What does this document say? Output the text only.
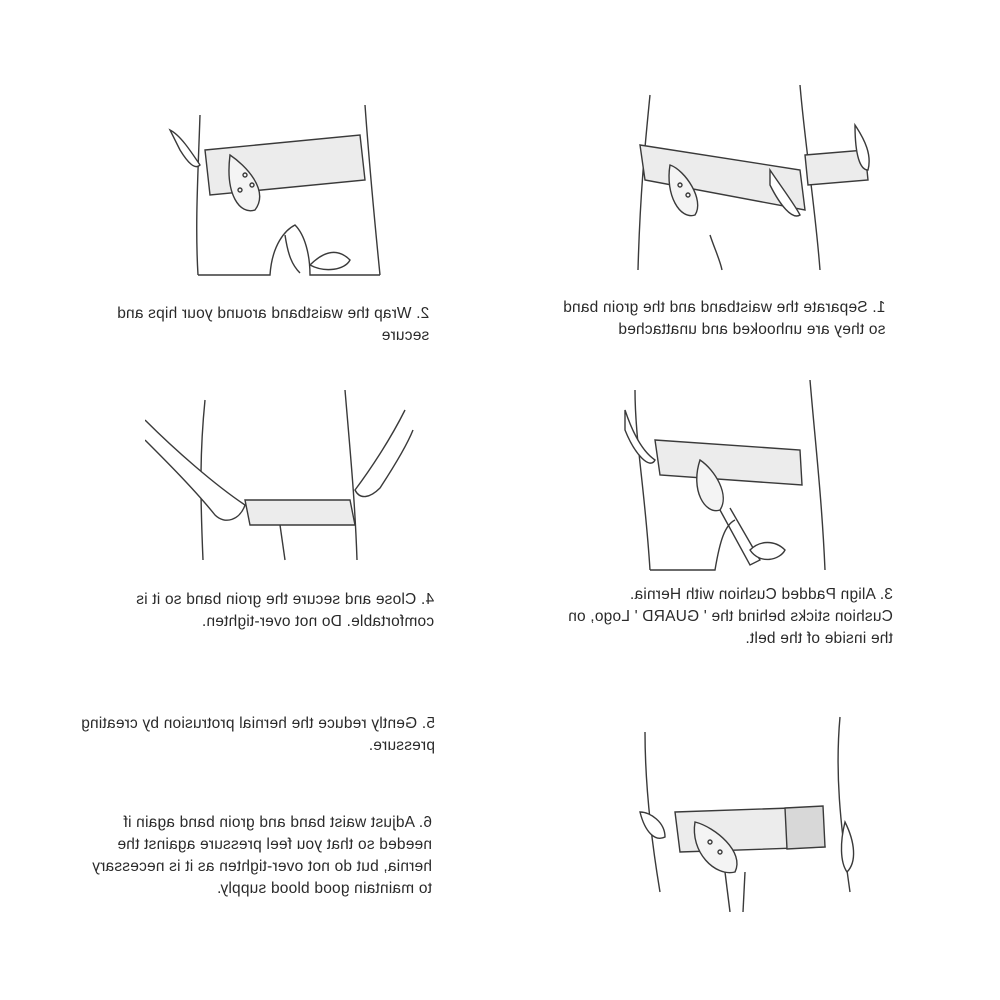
1. Separate the waistband and the groin band
so they are unhooked and unattached
2. Wrap the waistband around your hips and
secure
3. Align Padded Cushion with Hernia.
Cushion sticks behind the ' GUARD ' Logo, on
the inside of the belt.
4. Close and secure the groin band so it is
comfortable. Do not over-tighten.
5. Gently reduce the hernial protrusion by creating
pressure.
6. Adjust waist band and groin band again if
needed so that you feel pressure against the
hernia, but do not over-tighten as it is necessary
to maintain good blood supply.
